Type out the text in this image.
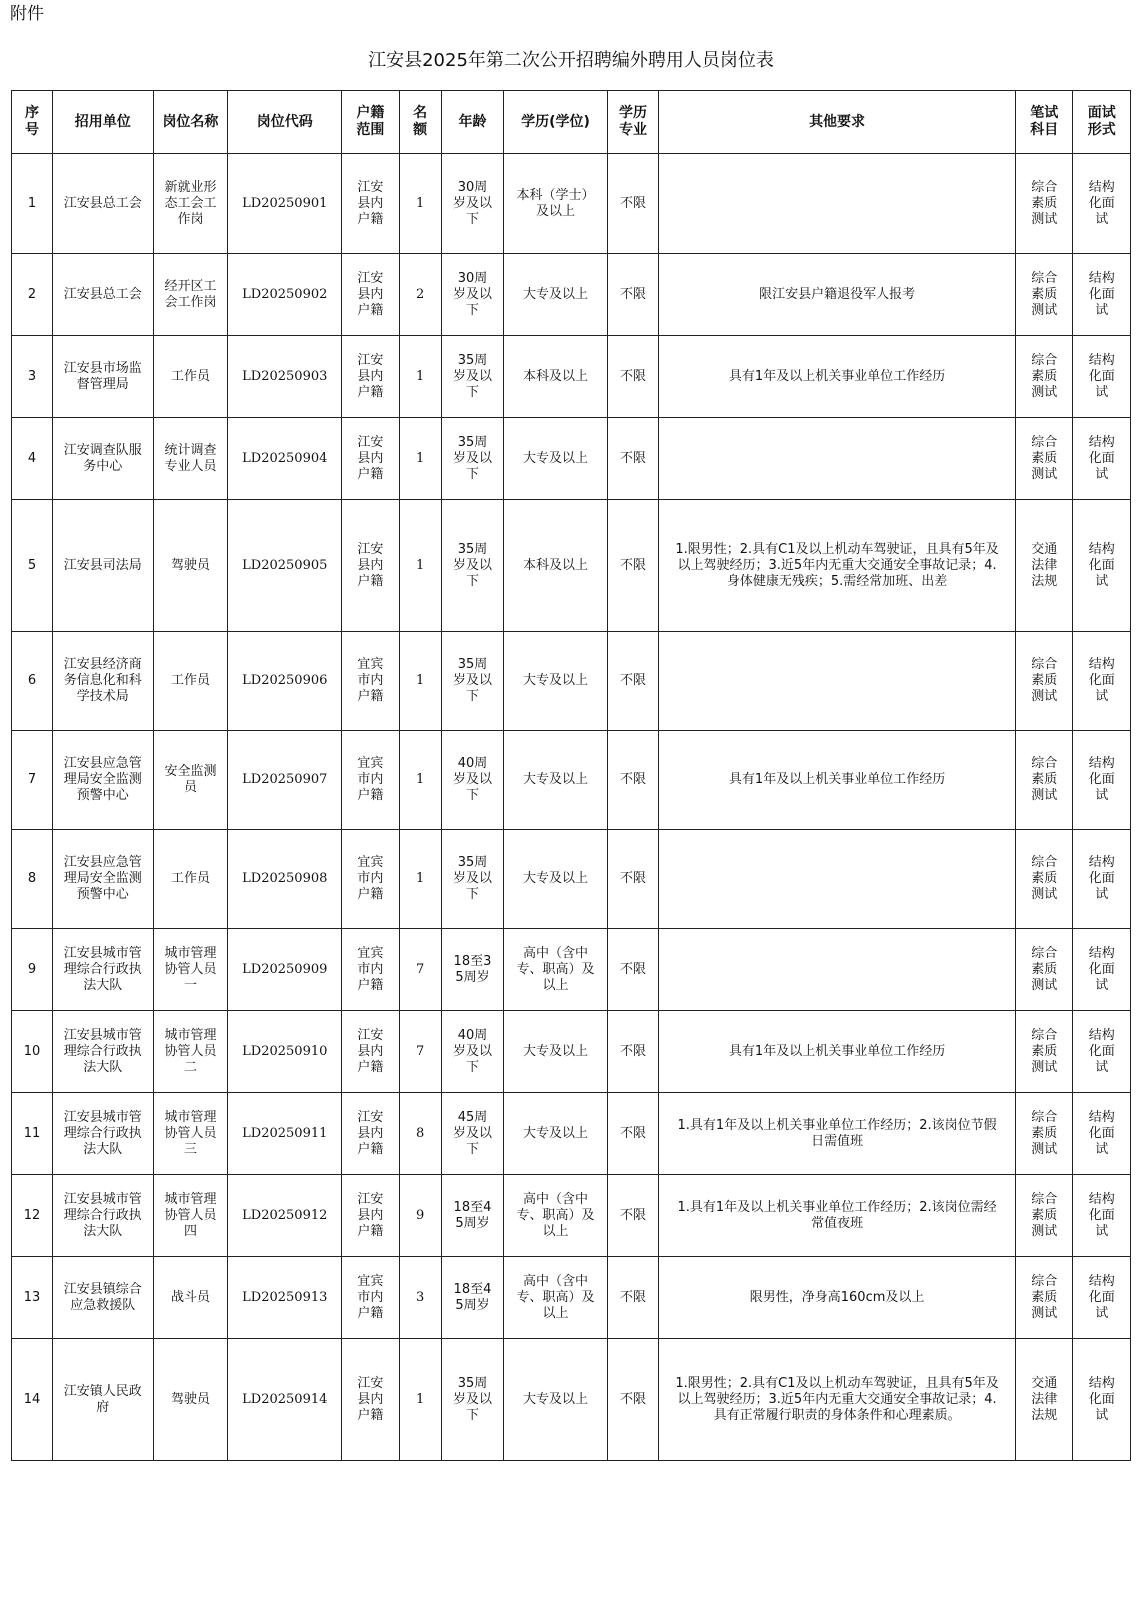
附件
江安县2025年第二次公开招聘编外聘用人员岗位表
序号	招用单位	岗位名称	岗位代码	户籍范围	名额	年龄	学历(学位)	学历专业	其他要求	笔试科目	面试形式
1	江安县总工会	新就业形态工会工作岗	LD20250901	江安县内户籍	1	30周岁及以下	本科（学士）及以上	不限		综合素质测试	结构化面试
2	江安县总工会	经开区工会工作岗	LD20250902	江安县内户籍	2	30周岁及以下	大专及以上	不限	限江安县户籍退役军人报考	综合素质测试	结构化面试
3	江安县市场监督管理局	工作员	LD20250903	江安县内户籍	1	35周岁及以下	本科及以上	不限	具有1年及以上机关事业单位工作经历	综合素质测试	结构化面试
4	江安调查队服务中心	统计调查专业人员	LD20250904	江安县内户籍	1	35周岁及以下	大专及以上	不限		综合素质测试	结构化面试
5	江安县司法局	驾驶员	LD20250905	江安县内户籍	1	35周岁及以下	本科及以上	不限	1.限男性；2.具有C1及以上机动车驾驶证，且具有5年及以上驾驶经历；3.近5年内无重大交通安全事故记录；4.身体健康无残疾；5.需经常加班、出差	交通法律法规	结构化面试
6	江安县经济商务信息化和科学技术局	工作员	LD20250906	宜宾市内户籍	1	35周岁及以下	大专及以上	不限		综合素质测试	结构化面试
7	江安县应急管理局安全监测预警中心	安全监测员	LD20250907	宜宾市内户籍	1	40周岁及以下	大专及以上	不限	具有1年及以上机关事业单位工作经历	综合素质测试	结构化面试
8	江安县应急管理局安全监测预警中心	工作员	LD20250908	宜宾市内户籍	1	35周岁及以下	大专及以上	不限		综合素质测试	结构化面试
9	江安县城市管理综合行政执法大队	城市管理协管人员一	LD20250909	宜宾市内户籍	7	18至35周岁	高中（含中专、职高）及以上	不限		综合素质测试	结构化面试
10	江安县城市管理综合行政执法大队	城市管理协管人员二	LD20250910	江安县内户籍	7	40周岁及以下	大专及以上	不限	具有1年及以上机关事业单位工作经历	综合素质测试	结构化面试
11	江安县城市管理综合行政执法大队	城市管理协管人员三	LD20250911	江安县内户籍	8	45周岁及以下	大专及以上	不限	1.具有1年及以上机关事业单位工作经历；2.该岗位节假日需值班	综合素质测试	结构化面试
12	江安县城市管理综合行政执法大队	城市管理协管人员四	LD20250912	江安县内户籍	9	18至45周岁	高中（含中专、职高）及以上	不限	1.具有1年及以上机关事业单位工作经历；2.该岗位需经常值夜班	综合素质测试	结构化面试
13	江安县镇综合应急救援队	战斗员	LD20250913	宜宾市内户籍	3	18至45周岁	高中（含中专、职高）及以上	不限	限男性，净身高160cm及以上	综合素质测试	结构化面试
14	江安镇人民政府	驾驶员	LD20250914	江安县内户籍	1	35周岁及以下	大专及以上	不限	1.限男性；2.具有C1及以上机动车驾驶证，且具有5年及以上驾驶经历；3.近5年内无重大交通安全事故记录；4.具有正常履行职责的身体条件和心理素质。	交通法律法规	结构化面试
